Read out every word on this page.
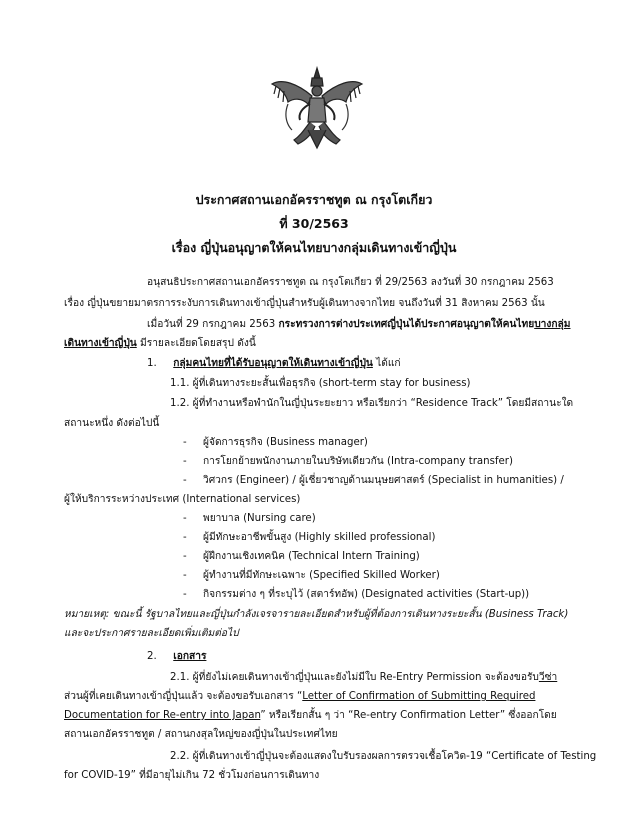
ประกาศสถานเอกอัครราชทูต ณ กรุงโตเกียว
ที่ 30/2563
เรื่อง ญี่ปุ่นอนุญาตให้คนไทยบางกลุ่มเดินทางเข้าญี่ปุ่น
อนุสนธิประกาศสถานเอกอัครราชทูต ณ กรุงโตเกียว ที่ 29/2563 ลงวันที่ 30 กรกฎาคม 2563
เรื่อง ญี่ปุ่นขยายมาตรการระงับการเดินทางเข้าญี่ปุ่นสำหรับผู้เดินทางจากไทย จนถึงวันที่ 31 สิงหาคม 2563 นั้น
เมื่อวันที่ 29 กรกฎาคม 2563 กระทรวงการต่างประเทศญี่ปุ่นได้ประกาศอนุญาตให้คนไทยบางกลุ่ม
เดินทางเข้าญี่ปุ่น มีรายละเอียดโดยสรุป ดังนี้
1. กลุ่มคนไทยที่ได้รับอนุญาตให้เดินทางเข้าญี่ปุ่น ได้แก่
1.1. ผู้ที่เดินทางระยะสั้นเพื่อธุรกิจ (short-term stay for business)
1.2. ผู้ที่ทำงานหรือพำนักในญี่ปุ่นระยะยาว หรือเรียกว่า “Residence Track” โดยมีสถานะใด
สถานะหนึ่ง ดังต่อไปนี้
- ผู้จัดการธุรกิจ (Business manager)
- การโยกย้ายพนักงานภายในบริษัทเดียวกัน (Intra-company transfer)
- วิศวกร (Engineer) / ผู้เชี่ยวชาญด้านมนุษยศาสตร์ (Specialist in humanities) /
ผู้ให้บริการระหว่างประเทศ (International services)
- พยาบาล (Nursing care)
- ผู้มีทักษะอาชีพขั้นสูง (Highly skilled professional)
- ผู้ฝึกงานเชิงเทคนิค (Technical Intern Training)
- ผู้ทำงานที่มีทักษะเฉพาะ (Specified Skilled Worker)
- กิจกรรมต่าง ๆ ที่ระบุไว้ (สตาร์ทอัพ) (Designated activities (Start-up))
หมายเหตุ: ขณะนี้ รัฐบาลไทยและญี่ปุ่นกำลังเจรจารายละเอียดสำหรับผู้ที่ต้องการเดินทางระยะสั้น (Business Track)
และจะประกาศรายละเอียดเพิ่มเติมต่อไป
2. เอกสาร
2.1. ผู้ที่ยังไม่เคยเดินทางเข้าญี่ปุ่นและยังไม่มีใบ Re-Entry Permission จะต้องขอรับวีซ่า
ส่วนผู้ที่เคยเดินทางเข้าญี่ปุ่นแล้ว จะต้องขอรับเอกสาร “Letter of Confirmation of Submitting Required
Documentation for Re-entry into Japan” หรือเรียกสั้น ๆ ว่า “Re-entry Confirmation Letter” ซึ่งออกโดย
สถานเอกอัครราชทูต / สถานกงสุลใหญ่ของญี่ปุ่นในประเทศไทย
2.2. ผู้ที่เดินทางเข้าญี่ปุ่นจะต้องแสดงใบรับรองผลการตรวจเชื้อโควิด-19 “Certificate of Testing
for COVID-19” ที่มีอายุไม่เกิน 72 ชั่วโมงก่อนการเดินทาง
